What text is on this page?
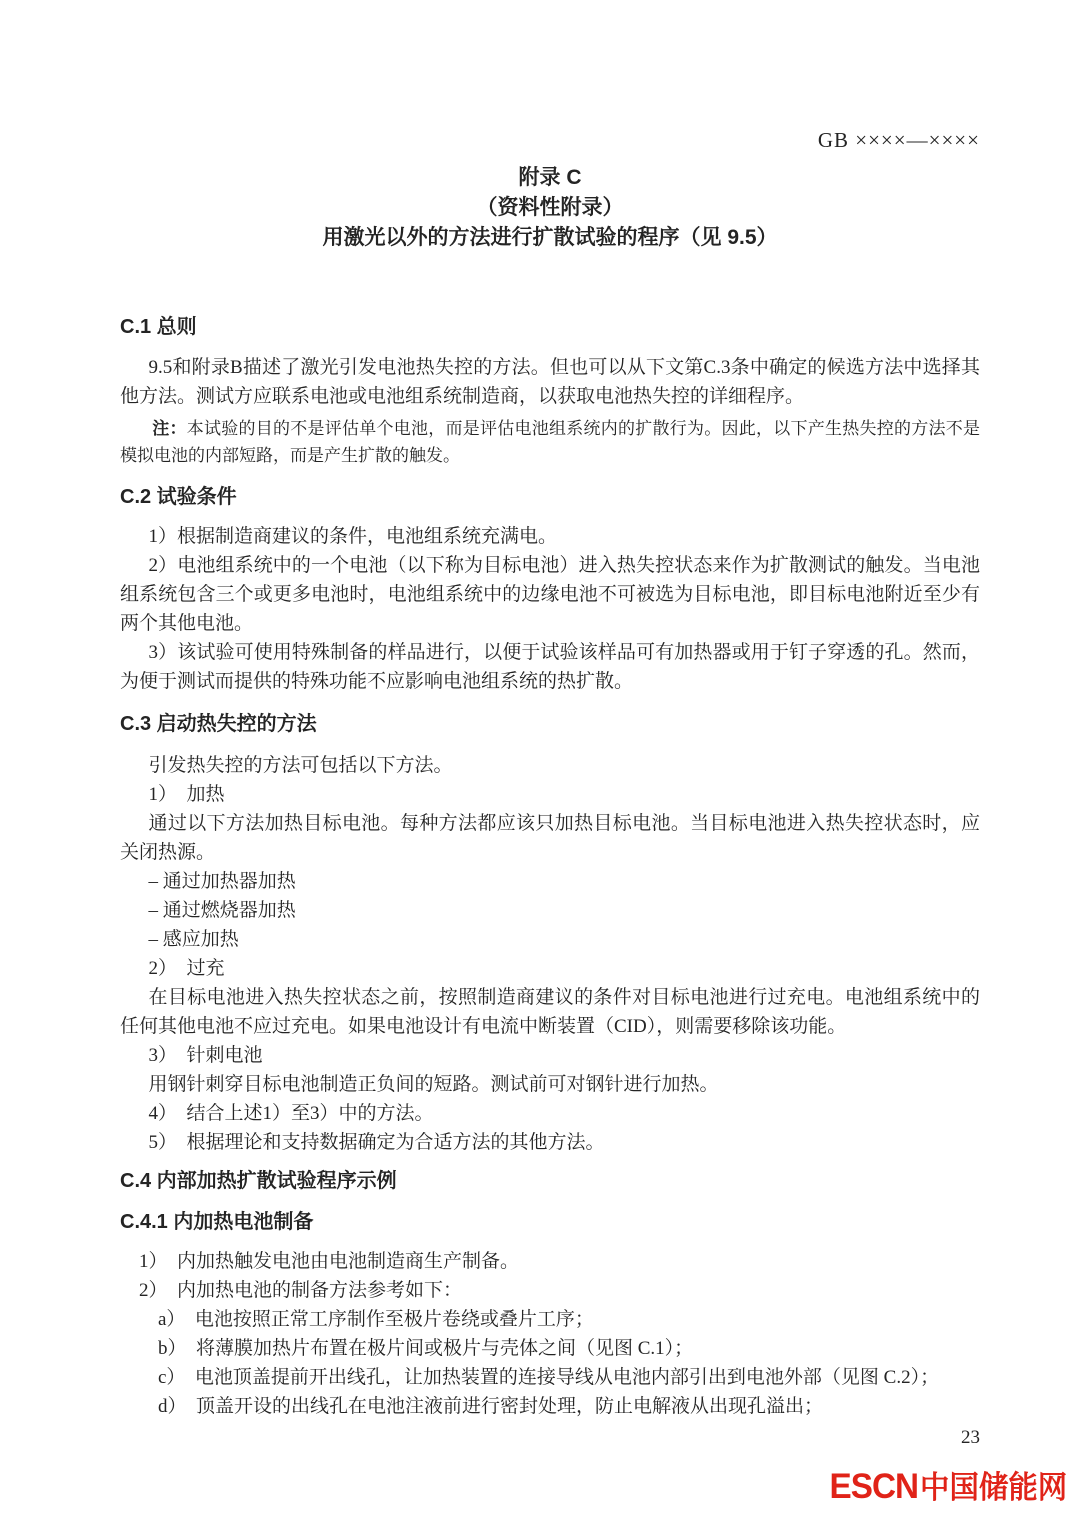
GB ××××—××××
附录 C
（资料性附录）
用激光以外的方法进行扩散试验的程序（见 9.5）
C.1 总则

9.5和附录B描述了激光引发电池热失控的方法。但也可以从下文第C.3条中确定的候选方法中选择其他方法。测试方应联系电池或电池组系统制造商，以获取电池热失控的详细程序。

注：本试验的目的不是评估单个电池，而是评估电池组系统内的扩散行为。因此，以下产生热失控的方法不是模拟电池的内部短路，而是产生扩散的触发。

C.2 试验条件

1）根据制造商建议的条件，电池组系统充满电。

2）电池组系统中的一个电池（以下称为目标电池）进入热失控状态来作为扩散测试的触发。当电池组系统包含三个或更多电池时，电池组系统中的边缘电池不可被选为目标电池，即目标电池附近至少有两个其他电池。

3）该试验可使用特殊制备的样品进行，以便于试验该样品可有加热器或用于钉子穿透的孔。然而，为便于测试而提供的特殊功能不应影响电池组系统的热扩散。

C.3 启动热失控的方法

引发热失控的方法可包括以下方法。

1）　加热

通过以下方法加热目标电池。每种方法都应该只加热目标电池。当目标电池进入热失控状态时，应关闭热源。

– 通过加热器加热

– 通过燃烧器加热

– 感应加热

2）　过充

在目标电池进入热失控状态之前，按照制造商建议的条件对目标电池进行过充电。电池组系统中的任何其他电池不应过充电。如果电池设计有电流中断装置（CID），则需要移除该功能。

3）　针刺电池

用钢针刺穿目标电池制造正负间的短路。测试前可对钢针进行加热。

4）　结合上述1）至3）中的方法。

5）　根据理论和支持数据确定为合适方法的其他方法。

C.4 内部加热扩散试验程序示例
C.4.1 内加热电池制备

1）　内加热触发电池由电池制造商生产制备。

2）　内加热电池的制备方法参考如下：

a）　电池按照正常工序制作至极片卷绕或叠片工序；

b）　将薄膜加热片布置在极片间或极片与壳体之间（见图 C.1）；

c）　电池顶盖提前开出线孔，让加热装置的连接导线从电池内部引出到电池外部（见图 C.2）；

d）　顶盖开设的出线孔在电池注液前进行密封处理，防止电解液从出现孔溢出；

23
ESCN中国储能网
